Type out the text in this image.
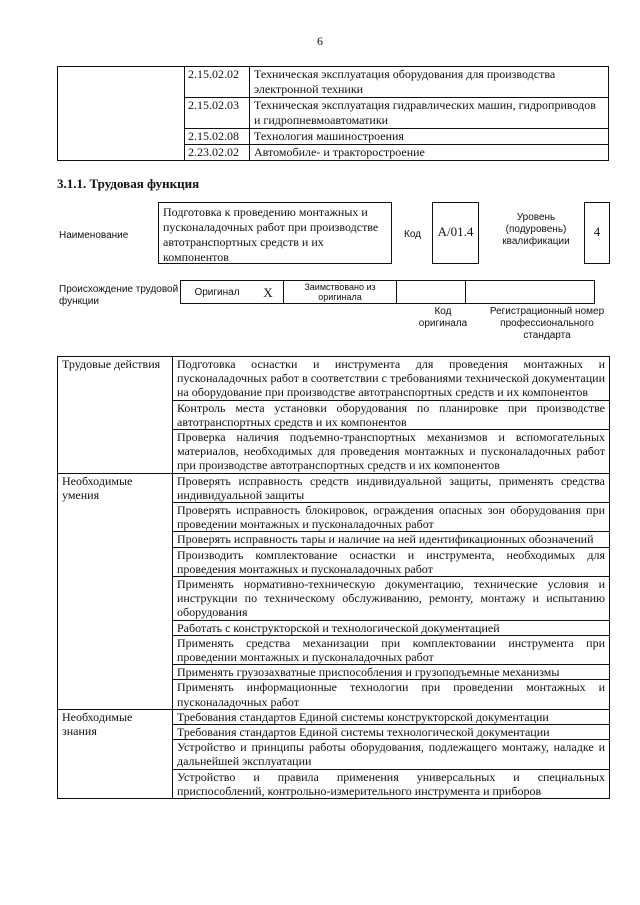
6
	2.15.02.02	Техническая эксплуатация оборудования для производства электронной техники
	2.15.02.03	Техническая эксплуатация гидравлических машин, гидроприводов и гидропневмоавтоматики
	2.15.02.08	Технология машиностроения
	2.23.02.02	Автомобиле- и тракторостроение
3.1.1. Трудовая функция
Наименование
Подготовка к проведению монтажных и пусконаладочных работ при производстве автотранспортных средств и их компонентов
Код	A/01.4
Уровень (подуровень) квалификации
4
Происхождение трудовой функции
Оригинал	X	Заимствовано из оригинала		
Код оригинала
Регистрационный номер профессионального стандарта
Трудовые действия	Подготовка оснастки и инструмента для проведения монтажных и пусконаладочных работ в соответствии с требованиями технической документации на оборудование при производстве автотранспортных средств и их компонентов
	Контроль места установки оборудования по планировке при производстве автотранспортных средств и их компонентов
	Проверка наличия подъемно-транспортных механизмов и вспомогательных материалов, необходимых для проведения монтажных и пусконаладочных работ при производстве автотранспортных средств и их компонентов
Необходимые умения	Проверять исправность средств индивидуальной защиты, применять средства индивидуальной защиты
	Проверять исправность блокировок, ограждения опасных зон оборудования при проведении монтажных и пусконаладочных работ
	Проверять исправность тары и наличие на ней идентификационных обозначений
	Производить комплектование оснастки и инструмента, необходимых для проведения монтажных и пусконаладочных работ
	Применять нормативно-техническую документацию, технические условия и инструкции по техническому обслуживанию, ремонту, монтажу и испытанию оборудования
	Работать с конструкторской и технологической документацией
	Применять средства механизации при комплектовании инструмента при проведении монтажных и пусконаладочных работ
	Применять грузозахватные приспособления и грузоподъемные механизмы
	Применять информационные технологии при проведении монтажных и пусконаладочных работ
Необходимые знания	Требования стандартов Единой системы конструкторской документации
	Требования стандартов Единой системы технологической документации
	Устройство и принципы работы оборудования, подлежащего монтажу, наладке и дальнейшей эксплуатации
	Устройство и правила применения универсальных и специальных приспособлений, контрольно-измерительного инструмента и приборов
